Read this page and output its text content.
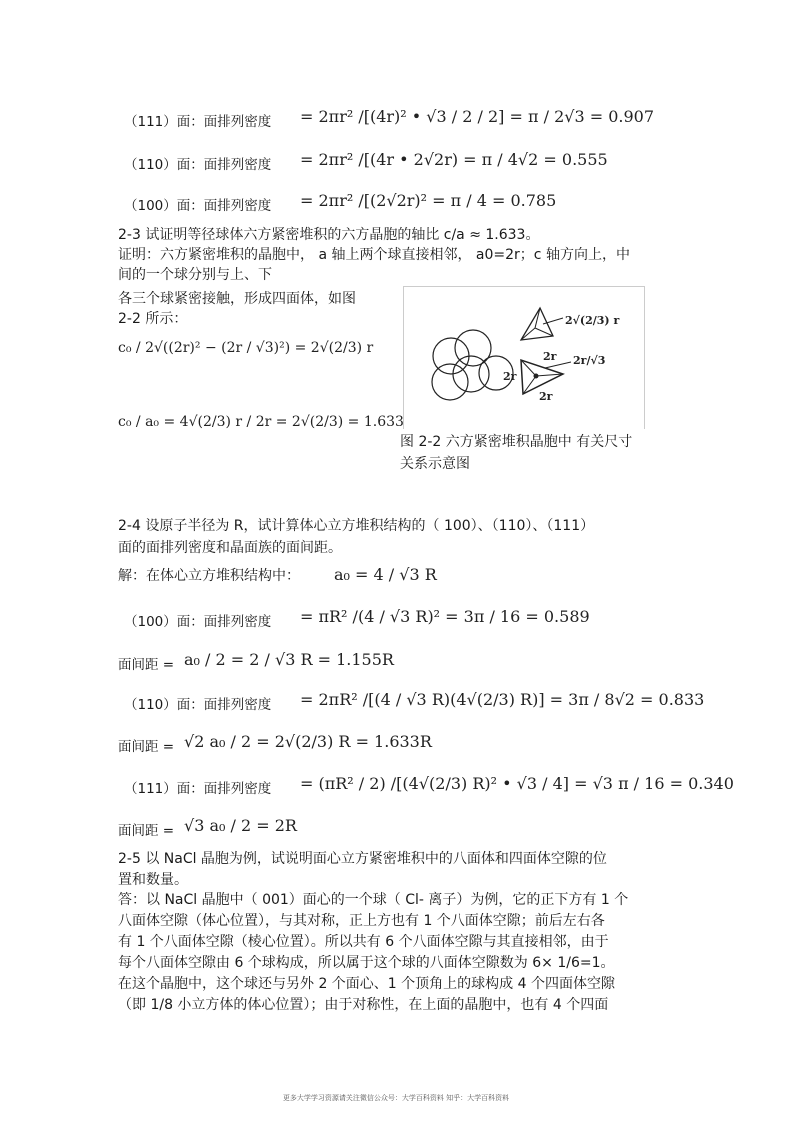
（111）面：面排列密度 = 2πr² /[(4r)² • √3 / 2 / 2] = π / 2√3 = 0.907
（110）面：面排列密度 = 2πr² /[(4r • 2√2r) = π / 4√2 = 0.555
（100）面：面排列密度 = 2πr² /[(2√2r)² = π / 4 = 0.785
2-3 试证明等径球体六方紧密堆积的六方晶胞的轴比 c/a ≈ 1.633。
证明：六方紧密堆积的晶胞中， a 轴上两个球直接相邻， a0=2r；c 轴方向上，中
间的一个球分别与上、下
各三个球紧密接触，形成四面体，如图
2-2 所示：
c₀ / 2√((2r)² − (2r / √3)²) = 2√(2/3) r
c₀ / a₀ = 4√(2/3) r / 2r = 2√(2/3) = 1.633
2√(2/3) r
2r 2r/√3
2r
2r
图 2-2 六方紧密堆积晶胞中 有关尺寸
关系示意图
2-4 设原子半径为 R，试计算体心立方堆积结构的（ 100）、（110）、（111）
面的面排列密度和晶面族的面间距。
解：在体心立方堆积结构中： a₀ = 4 / √3 R
（100）面：面排列密度 = πR² /(4 / √3 R)² = 3π / 16 = 0.589
面间距 = a₀ / 2 = 2 / √3 R = 1.155R
（110）面：面排列密度 = 2πR² /[(4 / √3 R)(4√(2/3) R)] = 3π / 8√2 = 0.833
面间距 = √2 a₀ / 2 = 2√(2/3) R = 1.633R
（111）面：面排列密度 = (πR² / 2) /[(4√(2/3) R)² • √3 / 4] = √3 π / 16 = 0.340
面间距 = √3 a₀ / 2 = 2R
2-5 以 NaCl 晶胞为例，试说明面心立方紧密堆积中的八面体和四面体空隙的位
置和数量。
答：以 NaCl 晶胞中（ 001）面心的一个球（ Cl- 离子）为例，它的正下方有 1 个
八面体空隙（体心位置），与其对称，正上方也有 1 个八面体空隙；前后左右各
有 1 个八面体空隙（棱心位置）。所以共有 6 个八面体空隙与其直接相邻，由于
每个八面体空隙由 6 个球构成，所以属于这个球的八面体空隙数为 6× 1/6=1。
在这个晶胞中，这个球还与另外 2 个面心、1 个顶角上的球构成 4 个四面体空隙
（即 1/8 小立方体的体心位置）；由于对称性，在上面的晶胞中，也有 4 个四面
更多大学学习资源请关注微信公众号：大学百科资料 知乎：大学百科资料
